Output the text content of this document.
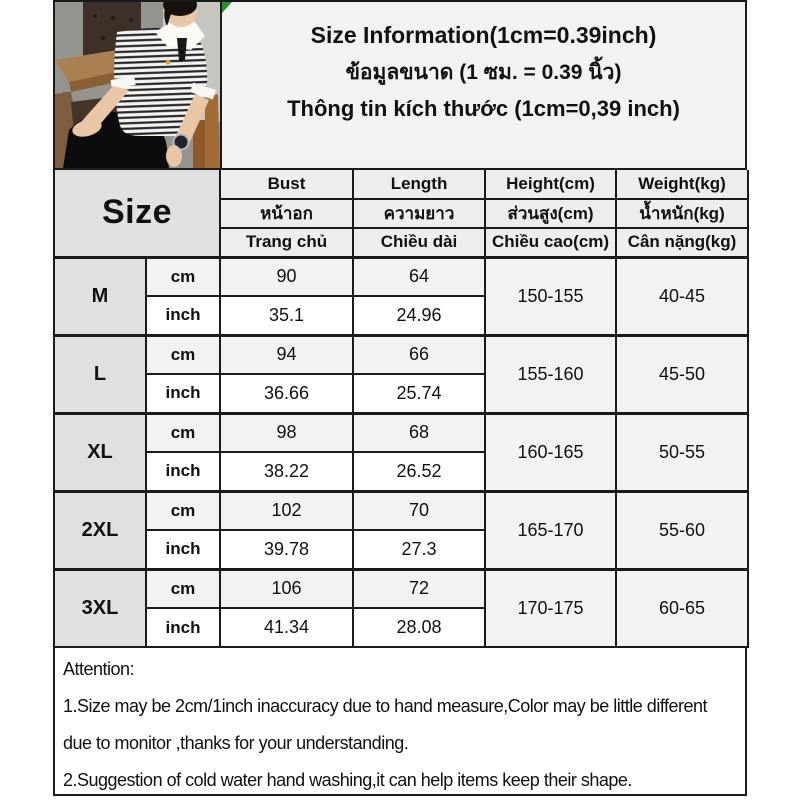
Size Information(1cm=0.39inch)
ข้อมูลขนาด (1 ซม. = 0.39 นิ้ว)
Thông tin kích thước (1cm=0,39 inch)
Size		Bust	Length	Height(cm)	Weight(kg)
		หน้าอก	ความยาว	ส่วนสูง(cm)	น้ำหนัก(kg)
		Trang chủ	Chiều dài	Chiều cao(cm)	Cân nặng(kg)
M	cm	90	64	150-155	40-45
	inch	35.1	24.96		
L	cm	94	66	155-160	45-50
	inch	36.66	25.74		
XL	cm	98	68	160-165	50-55
	inch	38.22	26.52		
2XL	cm	102	70	165-170	55-60
	inch	39.78	27.3		
3XL	cm	106	72	170-175	60-65
	inch	41.34	28.08		
Attention:
1.Size may be 2cm/1inch inaccuracy due to hand measure,Color may be little different due to monitor ,thanks for your understanding.
2.Suggestion of cold water hand washing,it can help items keep their shape.
